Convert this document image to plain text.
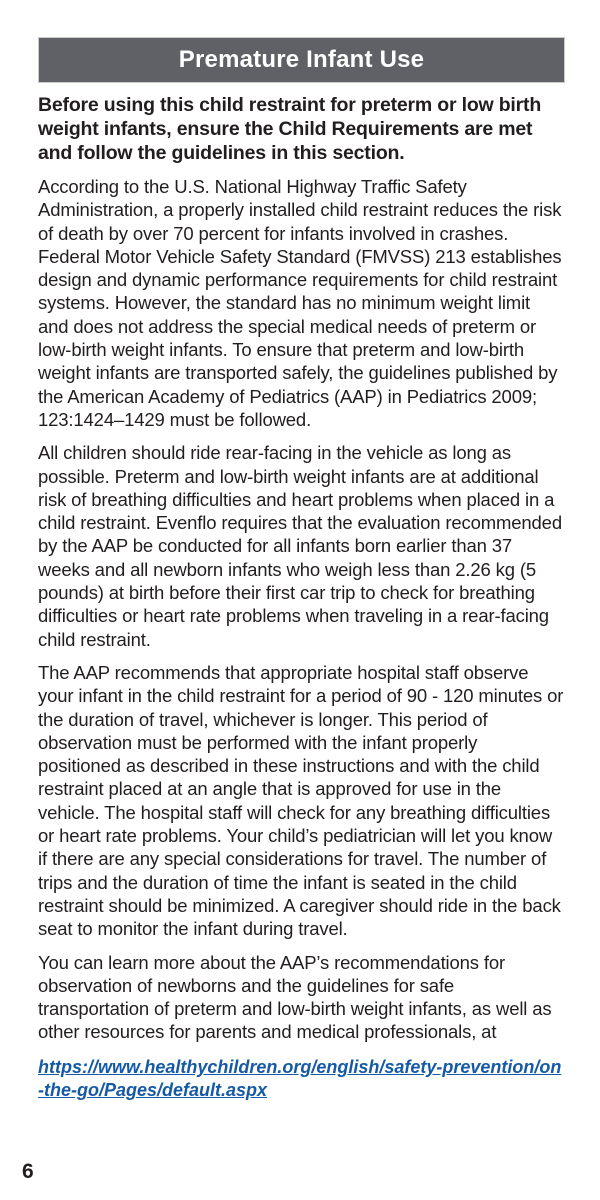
Premature Infant Use

Before using this child restraint for preterm or low birth weight infants, ensure the Child Requirements are met and follow the guidelines in this section.

According to the U.S. National Highway Traffic Safety Administration, a properly installed child restraint reduces the risk of death by over 70 percent for infants involved in crashes. Federal Motor Vehicle Safety Standard (FMVSS) 213 establishes design and dynamic performance requirements for child restraint systems. However, the standard has no minimum weight limit and does not address the special medical needs of preterm or low-birth weight infants. To ensure that preterm and low-birth weight infants are transported safely, the guidelines published by the American Academy of Pediatrics (AAP) in Pediatrics 2009; 123:1424–1429 must be followed.

All children should ride rear-facing in the vehicle as long as possible. Preterm and low-birth weight infants are at additional risk of breathing difficulties and heart problems when placed in a child restraint. Evenflo requires that the evaluation recommended by the AAP be conducted for all infants born earlier than 37 weeks and all newborn infants who weigh less than 2.26 kg (5 pounds) at birth before their first car trip to check for breathing difficulties or heart rate problems when traveling in a rear-facing child restraint.

The AAP recommends that appropriate hospital staff observe your infant in the child restraint for a period of 90 - 120 minutes or the duration of travel, whichever is longer. This period of observation must be performed with the infant properly positioned as described in these instructions and with the child restraint placed at an angle that is approved for use in the vehicle. The hospital staff will check for any breathing difficulties or heart rate problems. Your child’s pediatrician will let you know if there are any special considerations for travel. The number of trips and the duration of time the infant is seated in the child restraint should be minimized. A caregiver should ride in the back seat to monitor the infant during travel.

You can learn more about the AAP’s recommendations for observation of newborns and the guidelines for safe transportation of preterm and low-birth weight infants, as well as other resources for parents and medical professionals, at

https://www.healthychildren.org/english/safety-prevention/on-the-go/Pages/default.aspx

6
